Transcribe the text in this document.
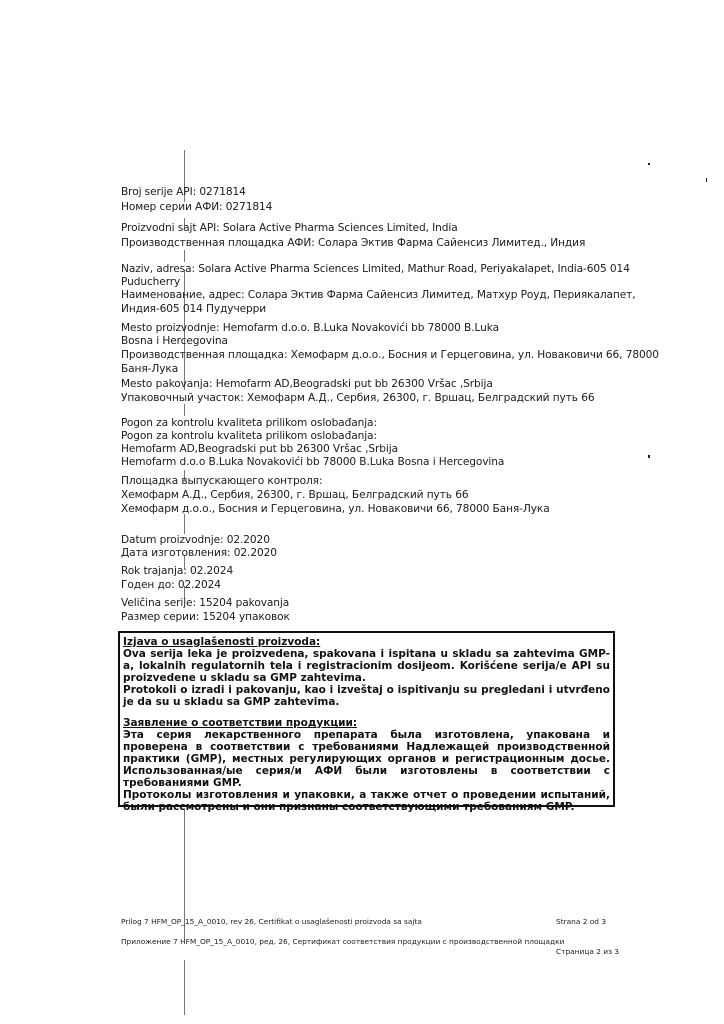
Broj serije API: 0271814
Номер серии АФИ: 0271814
Proizvodni sajt API: Solara Active Pharma Sciences Limited, India
Производственная площадка АФИ: Солара Эктив Фарма Сайенсиз Лимитед., Индия
Naziv, adresa: Solara Active Pharma Sciences Limited, Mathur Road, Periyakalapet, India-605 014
Puducherry
Наименование, адрес: Солара Эктив Фарма Сайенсиз Лимитед, Матхур Роуд, Периякалапет,
Индия-605 014 Пудучерри
Mesto proizvodnje: Hemofarm d.o.o. B.Luka Novakovići bb 78000 B.Luka
Bosna i Hercegovina
Производственная площадка: Хемофарм д.о.о., Босния и Герцеговина, ул. Новакoвичи 66, 78000
Баня-Лука
Mesto pakovanja: Hemofarm AD,Beogradski put bb 26300 Vršac ,Srbija
Упаковочный участок: Хемофарм А.Д., Сербия, 26300, г. Вршац, Белградский путь 66
Pogon za kontrolu kvaliteta prilikom oslobađanja:
Pogon za kontrolu kvaliteta prilikom oslobađanja:
Hemofarm AD,Beogradski put bb 26300 Vršac ,Srbija
Hemofarm d.o.o B.Luka Novakovići bb 78000 B.Luka Bosna i Hercegovina
Площадка выпускающего контроля:
Хемофарм А.Д., Сербия, 26300, г. Вршац, Белградский путь 66
Хемофарм д.о.о., Босния и Герцеговина, ул. Новакoвичи 66, 78000 Баня-Лука
Datum proizvodnje: 02.2020
Дата изготовления: 02.2020
Rok trajanja: 02.2024
Годен до: 02.2024
Veličina serije: 15204 pakovanja
Размер серии: 15204 упаковок
Izjava o usaglašenosti proizvoda:

Ova serija leka je proizvedena, spakovana i ispitana u skladu sa zahtevima GMP-a, lokalnih regulatornih tela i registracionim dosijeom. Korišćene serija/e API su proizvedene u skladu sa GMP zahtevima.

Protokoli o izradi i pakovanju, kao i izveštaj o ispitivanju su pregledani i utvrđeno je da su u skladu sa GMP zahtevima.

Заявление о соответствии продукции:

Эта серия лекарственного препарата была изготовлена, упакована и проверена в соответствии с требованиями Надлежащей производственной практики (GMP), местных регулирующих органов и регистрационным досье. Использованная/ые серия/и АФИ были изготовлены в соответствии с требованиями GMP.

Протоколы изготовления и упаковки, а также отчет о проведении испытаний, были рассмотрены и они признаны соответствующими требованиям GMP.

Prilog 7 HFM_OP_15_A_0010, rev 26, Certifikat o usaglašenosti proizvoda sa sajta	Strana 2 od 3
Приложение 7 HFM_OP_15_A_0010, ред. 26, Сертификат соответствия продукции с производственной площадки
Страница 2 из 3
